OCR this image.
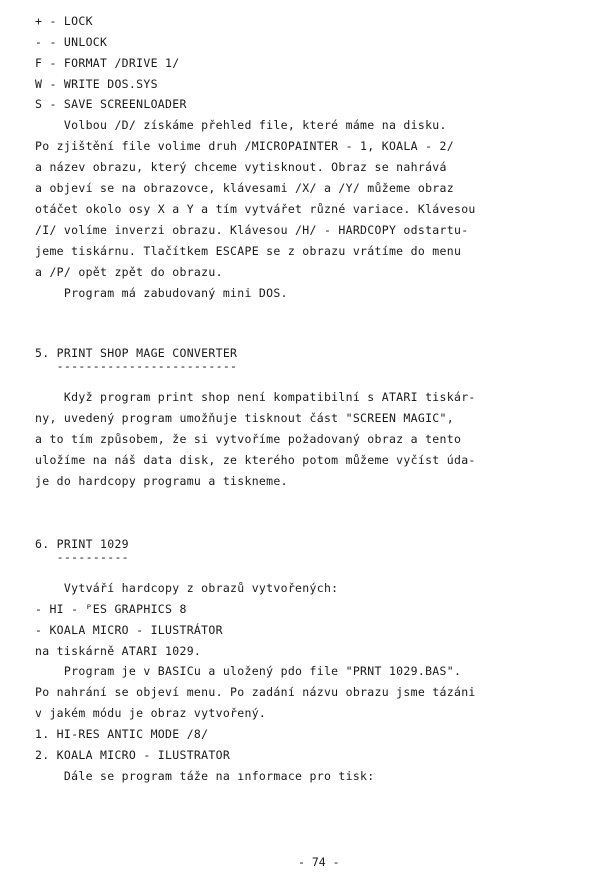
+ - LOCK
- - UNLOCK
F - FORMAT /DRIVE 1/
W - WRITE DOS.SYS
S - SAVE SCREENLOADER
Volbou /D/ získáme přehled file, které máme na disku.
Po zjištění file volime druh /MICROPAINTER - 1, KOALA - 2/
a název obrazu, který chceme vytisknout. Obraz se nahrává
a objeví se na obrazovce, klávesami /X/ a /Y/ můžeme obraz
otáčet okolo osy X a Y a tím vytvářet různé variace. Klávesou
/I/ volíme inverzi obrazu. Klávesou /H/ - HARDCOPY odstartu-
jeme tiskárnu. Tlačítkem ESCAPE se z obrazu vrátíme do menu
a /P/ opět zpět do obrazu.
Program má zabudovaný mini DOS.
5. PRINT SHOP MAGE CONVERTER
-------------------------
Když program print shop není kompatibilní s ATARI tiskár-
ny, uvedený program umožňuje tisknout část "SCREEN MAGIC",
a to tím způsobem, že si vytvoříme požadovaný obraz a tento
uložíme na náš data disk, ze kterého potom můžeme vyčíst úda-
je do hardcopy programu a tiskneme.
6. PRINT 1029
----------
Vytváří hardcopy z obrazů vytvořených:
- HI - ᴾES GRAPHICS 8
- KOALA MICRO - ILUSTRÁTOR
na tiskárně ATARI 1029.
Program je v BASICu a uložený pdo file "PRNT 1029.BAS".
Po nahrání se objeví menu. Po zadání názvu obrazu jsme tázáni
v jakém módu je obraz vytvořený.
1. HI-RES ANTIC MODE /8/
2. KOALA MICRO - ILUSTRATOR
Dále se program táže na ınformace pro tisk:
- 74 -
